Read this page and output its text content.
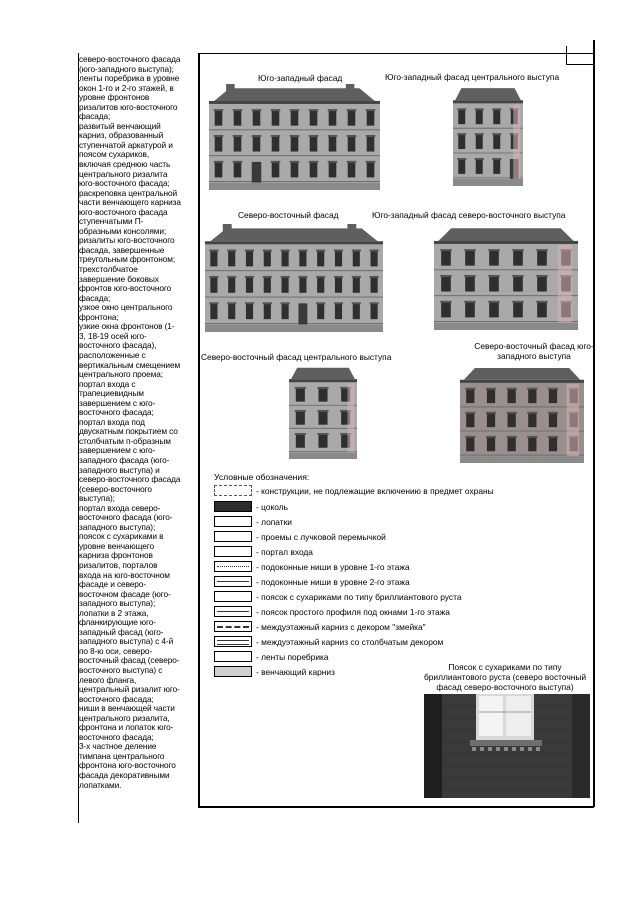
северо-восточного фасада

(юго-западного выступа);

ленты поребрика в уровне

окон 1-го и 2-го этажей, в

уровне фронтонов

ризалитов юго-восточного

фасада;

развитый венчающий

карниз, образованный

ступенчатой аркатурой и

поясом сухариков,

включая среднюю часть

центрального ризалита

юго-восточного фасада;

раскреповка центральной

части венчающего карниза

юго-восточного фасада

ступенчатыми П-

образными консолями;

ризалиты юго-восточного

фасада, завершенные

треугольным фронтоном;

трехстолбчатое

завершение боковых

фронтов юго-восточного

фасада;

узкое окно центрального

фронтона;

узкие окна фронтонов (1-

3, 18-19 осей юго-

восточного фасада),

расположенные с

вертикальным смещением

центрального проема;

портал входа с

трапециевидным

завершением с юго-

восточного фасада;

портал входа под

двускатным покрытием со

столбчатым п-образным

завершением с юго-

западного фасада (юго-

западного выступа) и

северо-восточного фасада

(северо-восточного

выступа);

портал входа северо-

восточного фасада (юго-

западного выступа);

поясок с сухариками в

уровне венчающего

карниза фронтонов

ризалитов, порталов

входа на юго-восточном

фасаде и северо-

восточном фасаде (юго-

западного выступа);

лопатки в 2 этажа,

фланкирующие юго-

западный фасад (юго-

западного выступа) с 4-й

по 8-ю оси, северо-

восточный фасад (северо-

восточного выступа) с

левого фланга,

центральный ризалит юго-

восточного фасада;

ниши в венчающей части

центрального ризалита,

фронтона и лопаток юго-

восточного фасада;

3-х частное деление

тимпана центрального

фронтона юго-восточного

фасада декоративными

лопатками.

Юго-западный фасад	Юго-западный фасад центрального выступа
Северо-восточный фасад	Юго-западный фасад северо-восточного выступа
Северо-восточный фасад центрального выступа
Северо-восточный фасад юго-западного выступа
Условные обозначения:
- конструкции, не подлежащие включению в предмет охраны
- цоколь
- лопатки
- проемы с лучковой перемычкой
- портал входа
- подоконные ниши в уровне 1-го этажа
- подоконные ниши в уровне 2-го этажа
- поясок с сухариками по типу бриллиантового руста
- поясок простого профиля под окнами 1-го этажа
- междуэтажный карниз с декором "змейка"
- междуэтажный карниз со столбчатым декором
- ленты поребрика
- венчающий карниз	Поясок с сухариками по типу бриллиантового руста (северо восточный фасад северо-восточного выступа)
